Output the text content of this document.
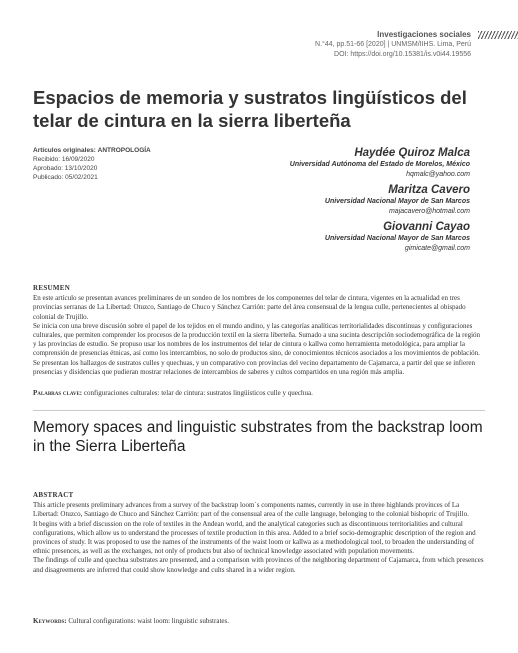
Investigaciones sociales
N.°44, pp.51-66 [2020] | UNMSM/IIHS. Lima, Perú
DOI: https://doi.org/10.15381/is.v0i44.19556
Espacios de memoria y sustratos lingüísticos del telar de cintura en la sierra liberteña
Artículos originales: ANTROPOLOGÍA
Recibido: 16/09/2020
Aprobado: 13/10/2020
Publicado: 05/02/2021

Haydée Quiroz Malca

Universidad Autónoma del Estado de Morelos, México
hqmalc@yahoo.com

Maritza Cavero

Universidad Nacional Mayor de San Marcos
majacavero@hotmail.com

Giovanni Cayao

Universidad Nacional Mayor de San Marcos
gimicate@gmail.com
RESUMEN

En este artículo se presentan avances preliminares de un sondeo de los nombres de los componentes del telar de cintura, vigentes en la actualidad en tres provincias serranas de La Libertad: Otuzco, Santiago de Chuco y Sánchez Carrión: parte del área consensual de la lengua culle, pertenecientes al obispado colonial de Trujillo.

Se inicia con una breve discusión sobre el papel de los tejidos en el mundo andino, y las categorías analíticas territorialidades discontinuas y configuraciones culturales, que permiten comprender los procesos de la producción textil en la sierra liberteña. Sumado a una sucinta descripción sociodemográfica de la región y las provincias de estudio. Se propuso usar los nombres de los instrumentos del telar de cintura o kallwa como herramienta metodológica, para ampliar la comprensión de presencias étnicas, así como los intercambios, no solo de productos sino, de conocimientos técnicos asociados a los movimientos de población.

Se presentan los hallazgos de sustratos culles y quechuas, y un comparativo con provincias del vecino departamento de Cajamarca, a partir del que se infieren presencias y disidencias que pudieran mostrar relaciones de intercambios de saberes y cultos compartidos en una región más amplia.

Palabras clave: configuraciones culturales: telar de cintura: sustratos lingüísticos culle y quechua.
Memory spaces and linguistic substrates from the backstrap loom in the Sierra Liberteña
ABSTRACT

This article presents preliminary advances from a survey of the backstrap loom´s components names, currently in use in three highlands provinces of La Libertad: Otuzco, Santiago de Chuco and Sánchez Carrión: part of the consensual area of the culle language, belonging to the colonial bishopric of Trujillo.

It begins with a brief discussion on the role of textiles in the Andean world, and the analytical categories such as discontinuous territorialities and cultural configurations, which allow us to understand the processes of textile production in this area. Added to a brief socio-demographic description of the region and provinces of study. It was proposed to use the names of the instruments of the waist loom or kallwa as a methodological tool, to broaden the understanding of ethnic presences, as well as the exchanges, not only of products but also of technical knowledge associated with population movements.

The findings of culle and quechua substrates are presented, and a comparison with provinces of the neighboring department of Cajamarca, from which presences and disagreements are inferred that could show knowledge and cults shared in a wider region.

Keywords: Cultural configurations: waist loom: linguistic substrates.
